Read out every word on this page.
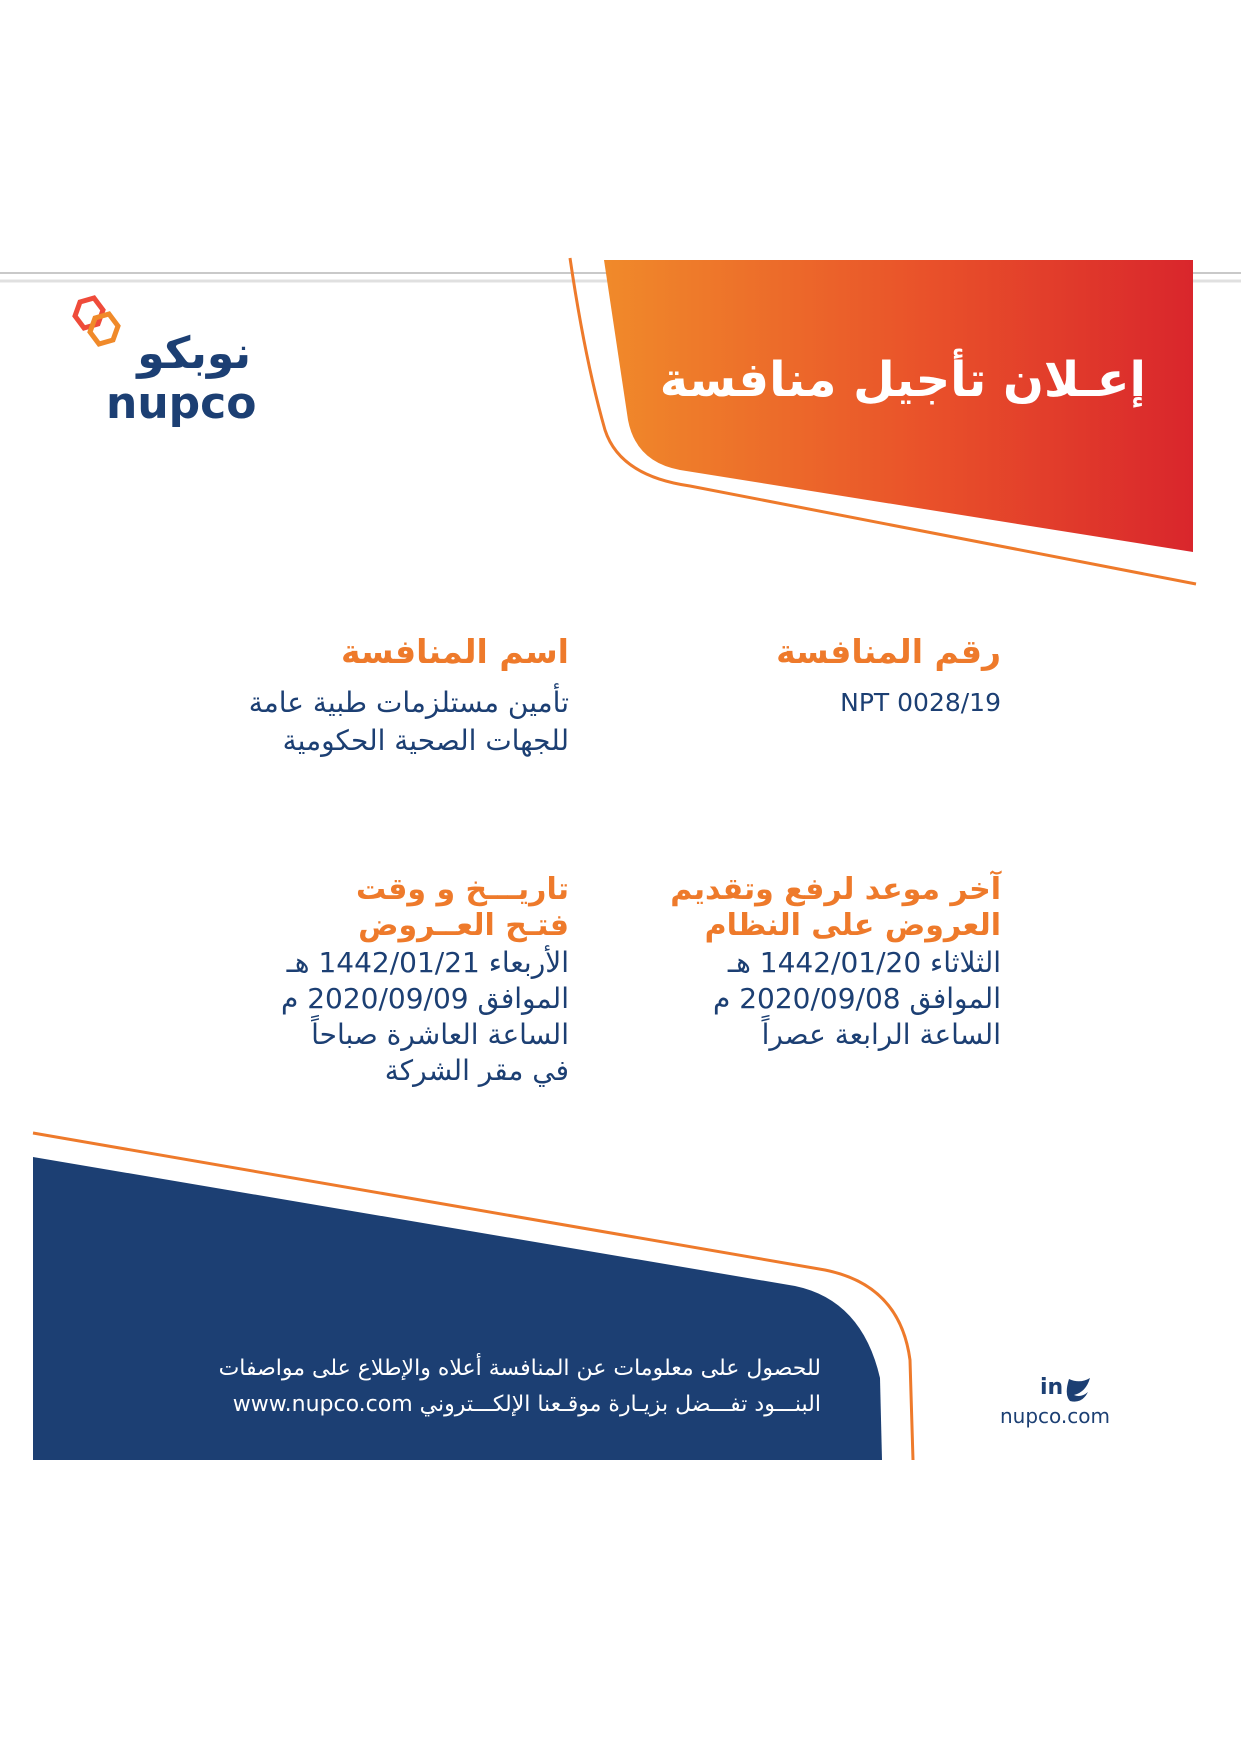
إعـلان تأجيل منافسة
نوبكو
nupco
رقم المنافسة
NPT 0028/19
اسم المنافسة
تأمين مستلزمات طبية عامة
للجهات الصحية الحكومية
آخر موعد لرفع وتقديم
العروض على النظام
الثلاثاء 1442/01/20 هـ
الموافق 2020/09/08 م
الساعة الرابعة عصراً
تاريـــخ و وقت
فتـح العــروض
الأربعاء 1442/01/21 هـ
الموافق 2020/09/09 م
الساعة العاشرة صباحاً
في مقر الشركة
للحصول على معلومات عن المنافسة أعلاه والإطلاع على مواصفات
البنـــود تفـــضل بزيـارة موقـعنا الإلكـــتروني www.nupco.com
in
nupco.com
